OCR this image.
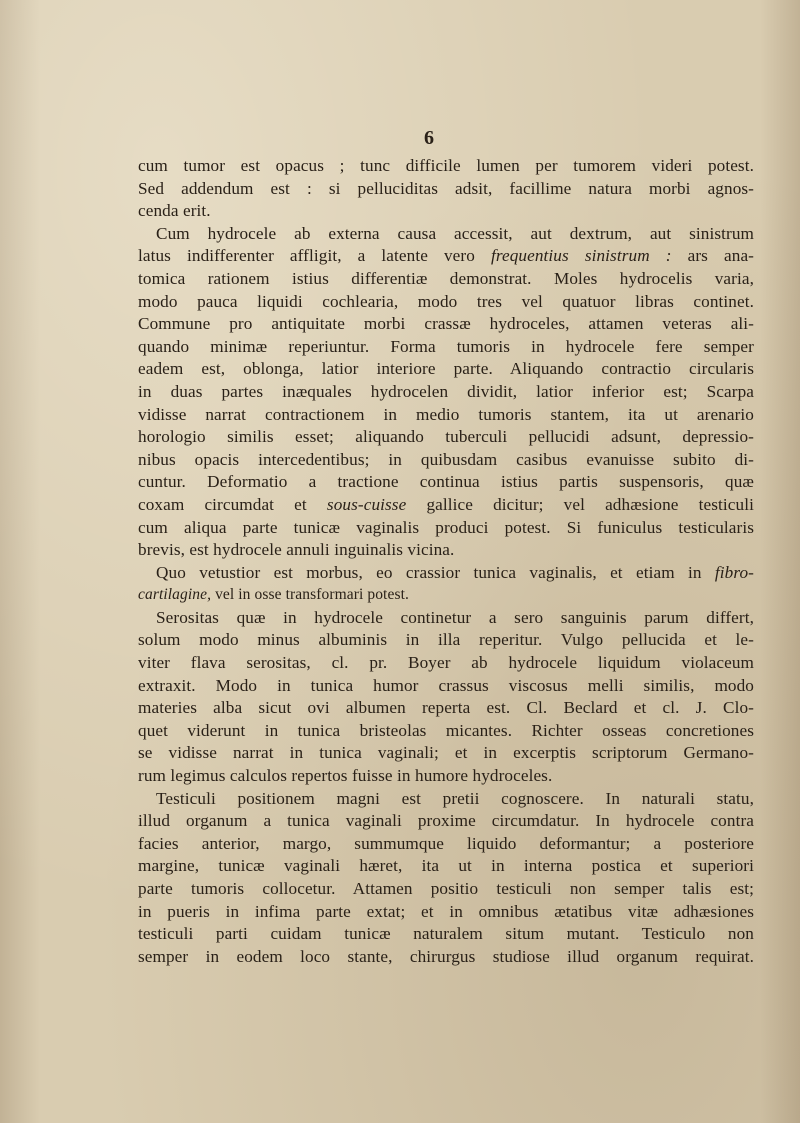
6
cum tumor est opacus ; tunc difficile lumen per tumorem videri potest.
Sed addendum est : si pelluciditas adsit, facillime natura morbi agnos-
cenda erit.
Cum hydrocele ab externa causa accessit, aut dextrum, aut sinistrum
latus indifferenter affligit, a latente vero frequentius sinistrum : ars ana-
tomica rationem istius differentiæ demonstrat. Moles hydrocelis varia,
modo pauca liquidi cochlearia, modo tres vel quatuor libras continet.
Commune pro antiquitate morbi crassæ hydroceles, attamen veteras ali-
quando minimæ reperiuntur. Forma tumoris in hydrocele fere semper
eadem est, oblonga, latior interiore parte. Aliquando contractio circularis
in duas partes inæquales hydrocelen dividit, latior inferior est; Scarpa
vidisse narrat contractionem in medio tumoris stantem, ita ut arenario
horologio similis esset; aliquando tuberculi pellucidi adsunt, depressio-
nibus opacis intercedentibus; in quibusdam casibus evanuisse subito di-
cuntur. Deformatio a tractione continua istius partis suspensoris, quæ
coxam circumdat et sous-cuisse gallice dicitur; vel adhæsione testiculi
cum aliqua parte tunicæ vaginalis produci potest. Si funiculus testicularis
brevis, est hydrocele annuli inguinalis vicina.
Quo vetustior est morbus, eo crassior tunica vaginalis, et etiam in fibro-
cartilagine, vel in osse transformari potest.
Serositas quæ in hydrocele continetur a sero sanguinis parum differt,
solum modo minus albuminis in illa reperitur. Vulgo pellucida et le-
viter flava serositas, cl. pr. Boyer ab hydrocele liquidum violaceum
extraxit. Modo in tunica humor crassus viscosus melli similis, modo
materies alba sicut ovi albumen reperta est. Cl. Beclard et cl. J. Clo-
quet viderunt in tunica bristeolas micantes. Richter osseas concretiones
se vidisse narrat in tunica vaginali; et in excerptis scriptorum Germano-
rum legimus calculos repertos fuisse in humore hydroceles.
Testiculi positionem magni est pretii cognoscere. In naturali statu,
illud organum a tunica vaginali proxime circumdatur. In hydrocele contra
facies anterior, margo, summumque liquido deformantur; a posteriore
margine, tunicæ vaginali hæret, ita ut in interna postica et superiori
parte tumoris collocetur. Attamen positio testiculi non semper talis est;
in pueris in infima parte extat; et in omnibus ætatibus vitæ adhæsiones
testiculi parti cuidam tunicæ naturalem situm mutant. Testiculo non
semper in eodem loco stante, chirurgus studiose illud organum requirat.
